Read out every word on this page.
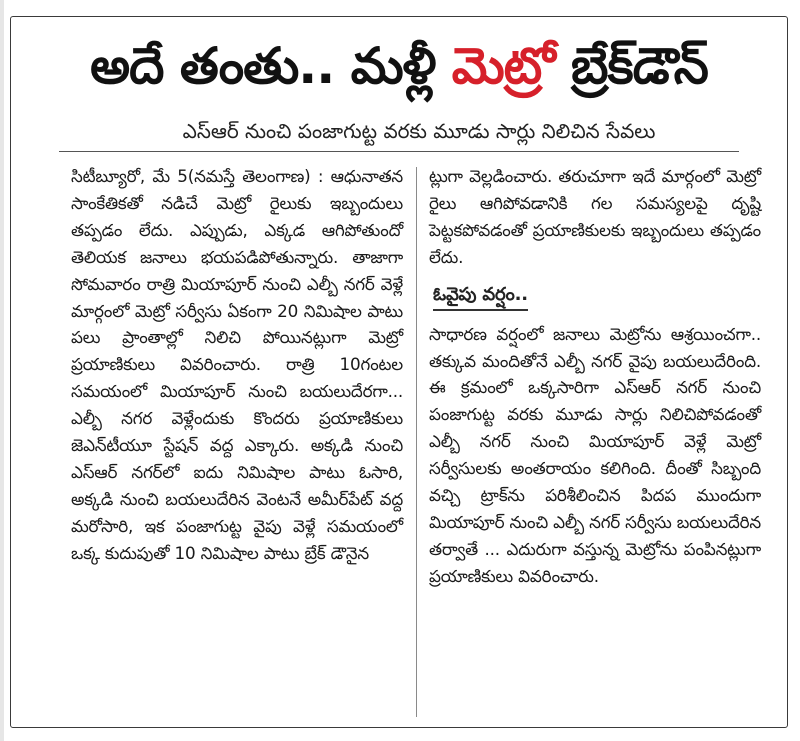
అదే తంతు.. మళ్లీ మెట్రో బ్రేక్‌డౌన్‌
ఎస్‌ఆర్‌ నుంచి పంజాగుట్ట వరకు మూడు సార్లు నిలిచిన సేవలు

సిటీబ్యూరో, మే 5(నమస్తే తెలంగాణ) : ఆధునాతన సాంకేతికతో నడిచే మెట్రో రైలుకు ఇబ్బందులు తప్పడం లేదు. ఎప్పుడు, ఎక్కడ ఆగిపోతుందో తెలియక జనాలు భయపడిపోతున్నారు. తాజాగా సోమవారం రాత్రి మియాపూర్‌ నుంచి ఎల్బీ నగర్‌ వెళ్లే మార్గంలో మెట్రో సర్వీసు ఏకంగా 20 నిమిషాల పాటు పలు ప్రాంతాల్లో నిలిచి పోయినట్లుగా మెట్రో ప్రయాణికులు వివరించారు. రాత్రి 10గంటల సమయంలో మియాపూర్‌ నుంచి బయలుదేరగా... ఎల్బీ నగర వెళ్లేందుకు కొందరు ప్రయాణికులు జెఎన్‌టీయూ స్టేషన్‌ వద్ద ఎక్కారు. అక్కడి నుంచి ఎస్‌ఆర్‌ నగర్‌లో ఐదు నిమిషాల పాటు ఓసారి, అక్కడి నుంచి బయలుదేరిన వెంటనే అమీర్‌పేట్‌ వద్ద మరోసారి, ఇక పంజాగుట్ట వైపు వెళ్లే సమయంలో ఒక్క కుదుపుతో 10 నిమిషాల పాటు బ్రేక్‌ డౌనైన

ట్లుగా వెల్లడించారు. తరుచూగా ఇదే మార్గంలో మెట్రో రైలు ఆగిపోవడానికి గల సమస్యలపై దృష్టి పెట్టకపోవడంతో ప్రయాణికులకు ఇబ్బందులు తప్పడం లేదు.

ఓవైపు వర్షం..

సాధారణ వర్షంలో జనాలు మెట్రోను ఆశ్రయించగా.. తక్కువ మందితోనే ఎల్బీ నగర్‌ వైపు బయలుదేరింది. ఈ క్రమంలో ఒక్కసారిగా ఎస్‌ఆర్‌ నగర్‌ నుంచి పంజాగుట్ట వరకు మూడు సార్లు నిలిచిపోవడంతో ఎల్బీ నగర్‌ నుంచి మియాపూర్‌ వెళ్లే మెట్రో సర్వీసులకు అంతరాయం కలిగింది. దీంతో సిబ్బంది వచ్చి ట్రాక్‌ను పరిశీలించిన పిదప ముందుగా మియాపూర్‌ నుంచి ఎల్బీ నగర్‌ సర్వీసు బయలుదేరిన తర్వాతే ... ఎదురుగా వస్తున్న మెట్రోను పంపినట్లుగా ప్రయాణికులు వివరించారు.
